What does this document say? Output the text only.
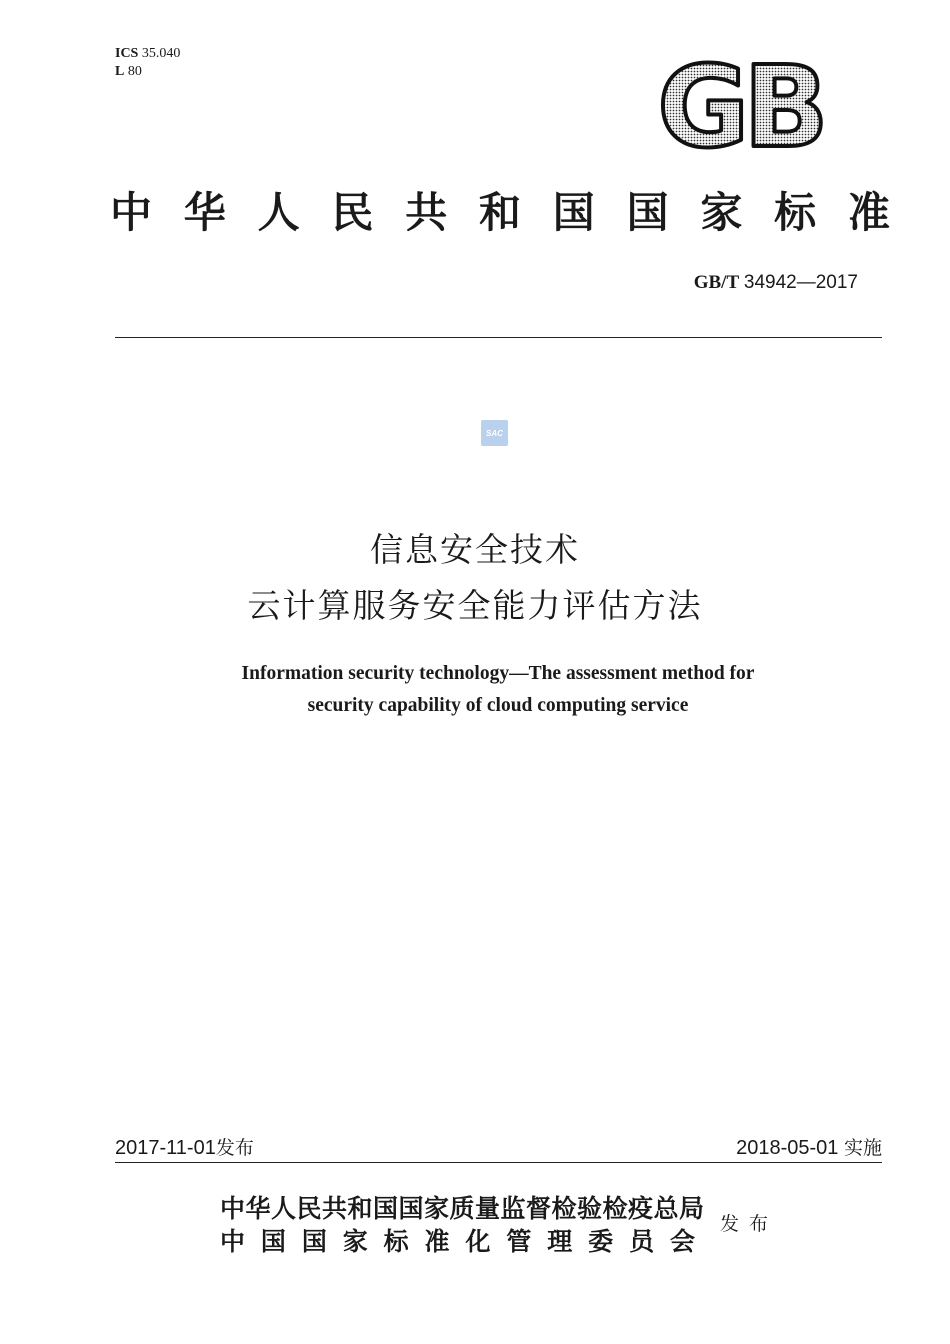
ICS 35.040
L 80	GB
中 华 人 民 共 和 国 国 家 标 准
GB/T 34942—2017
SAC
信息安全技术
云计算服务安全能力评估方法
Information security technology—The assessment method for
security capability of cloud computing service
2017-11-01发布	2018-05-01 实施
中华人民共和国国家质量监督检验检疫总局
中 国 国 家 标 准 化 管 理 委 员 会
发布
